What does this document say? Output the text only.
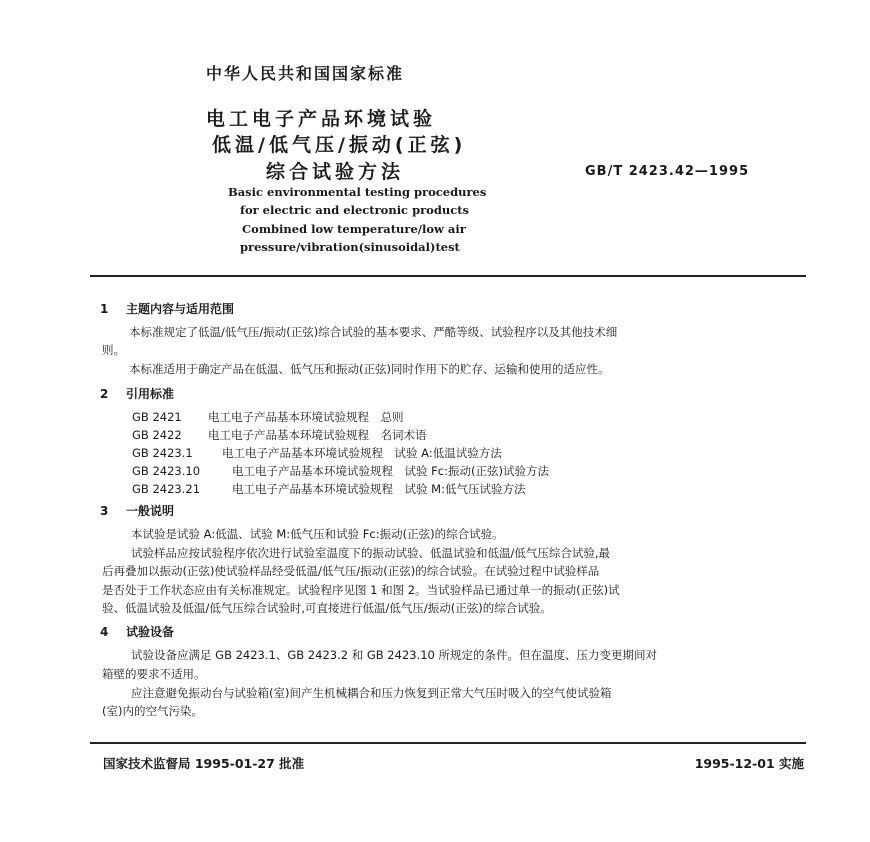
中华人民共和国国家标准
电工电子产品环境试验
低温/低气压/振动(正弦)
综合试验方法	GB/T 2423.42—1995
Basic environmental testing procedures
for electric and electronic products
Combined low temperature/low air
pressure/vibration(sinusoidal)test
1 主题内容与适用范围
本标准规定了低温/低气压/振动(正弦)综合试验的基本要求、严酷等级、试验程序以及其他技术细
则。
本标准适用于确定产品在低温、低气压和振动(正弦)同时作用下的贮存、运输和使用的适应性。
2 引用标准
GB 2421 电工电子产品基本环境试验规程　总则
GB 2422 电工电子产品基本环境试验规程　名词术语
GB 2423.1	电工电子产品基本环境试验规程　试验 A:低温试验方法
GB 2423.10	电工电子产品基本环境试验规程　试验 Fc:振动(正弦)试验方法
GB 2423.21	电工电子产品基本环境试验规程　试验 M:低气压试验方法
3 一般说明
本试验是试验 A:低温、试验 M:低气压和试验 Fc:振动(正弦)的综合试验。
试验样品应按试验程序依次进行试验室温度下的振动试验、低温试验和低温/低气压综合试验,最
后再叠加以振动(正弦)使试验样品经受低温/低气压/振动(正弦)的综合试验。在试验过程中试验样品
是否处于工作状态应由有关标准规定。试验程序见图 1 和图 2。当试验样品已通过单一的振动(正弦)试
验、低温试验及低温/低气压综合试验时,可直接进行低温/低气压/振动(正弦)的综合试验。
4 试验设备
试验设备应满足 GB 2423.1、GB 2423.2 和 GB 2423.10 所规定的条件。但在温度、压力变更期间对
箱壁的要求不适用。
应注意避免振动台与试验箱(室)间产生机械耦合和压力恢复到正常大气压时吸入的空气使试验箱
(室)内的空气污染。
国家技术监督局 1995-01-27 批准	1995-12-01 实施
